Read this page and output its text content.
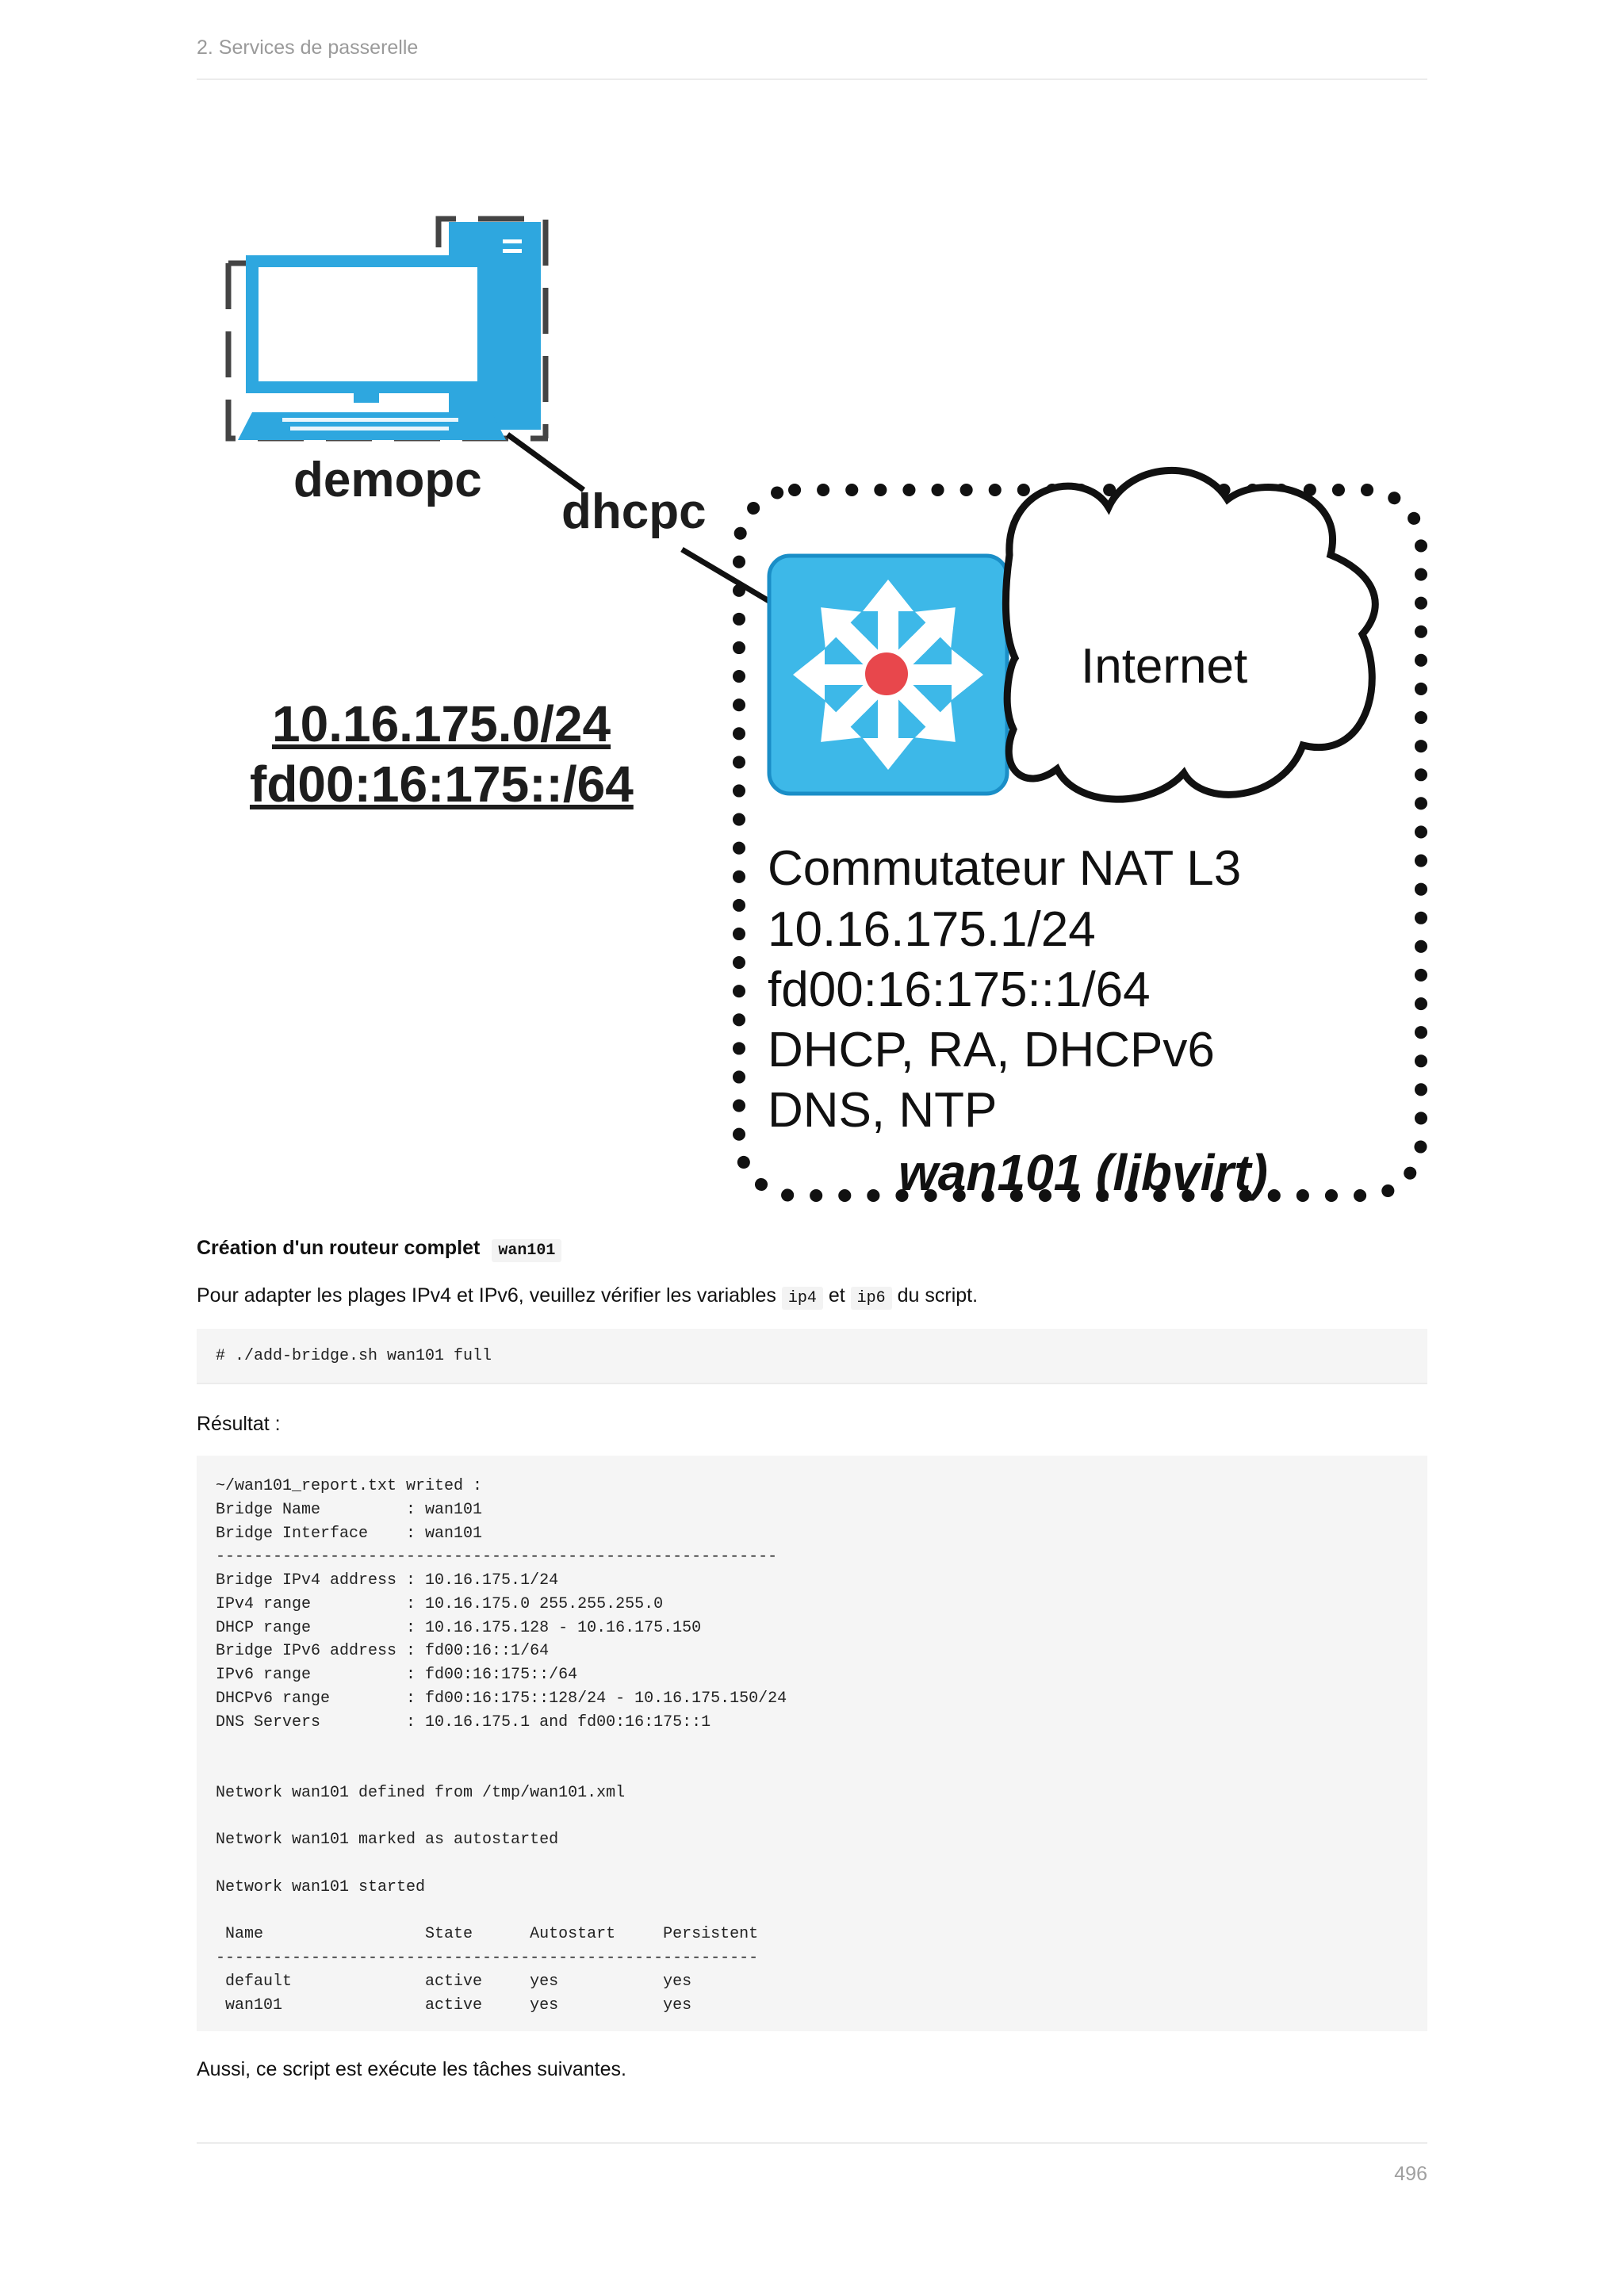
2. Services de passerelle
demopc
dhcpc
10.16.175.0/24
fd00:16:175::/64
Internet
Commutateur NAT L3
10.16.175.1/24
fd00:16:175::1/64
DHCP, RA, DHCPv6
DNS, NTP
wan101 (libvirt)
Création d'un routeur complet wan101
Pour adapter les plages IPv4 et IPv6, veuillez vérifier les variables ip4 et ip6 du script.
# ./add-bridge.sh wan101 full
Résultat :
~/wan101_report.txt writed :
Bridge Name         : wan101
Bridge Interface    : wan101
-----------------------------------------------------------
Bridge IPv4 address : 10.16.175.1/24
IPv4 range          : 10.16.175.0 255.255.255.0
DHCP range          : 10.16.175.128 - 10.16.175.150
Bridge IPv6 address : fd00:16::1/64
IPv6 range          : fd00:16:175::/64
DHCPv6 range        : fd00:16:175::128/24 - 10.16.175.150/24
DNS Servers         : 10.16.175.1 and fd00:16:175::1

Network wan101 defined from /tmp/wan101.xml

Network wan101 marked as autostarted

Network wan101 started

Name                 State      Autostart     Persistent
---------------------------------------------------------
default              active     yes           yes
wan101               active     yes           yes
Aussi, ce script est exécute les tâches suivantes.
496
